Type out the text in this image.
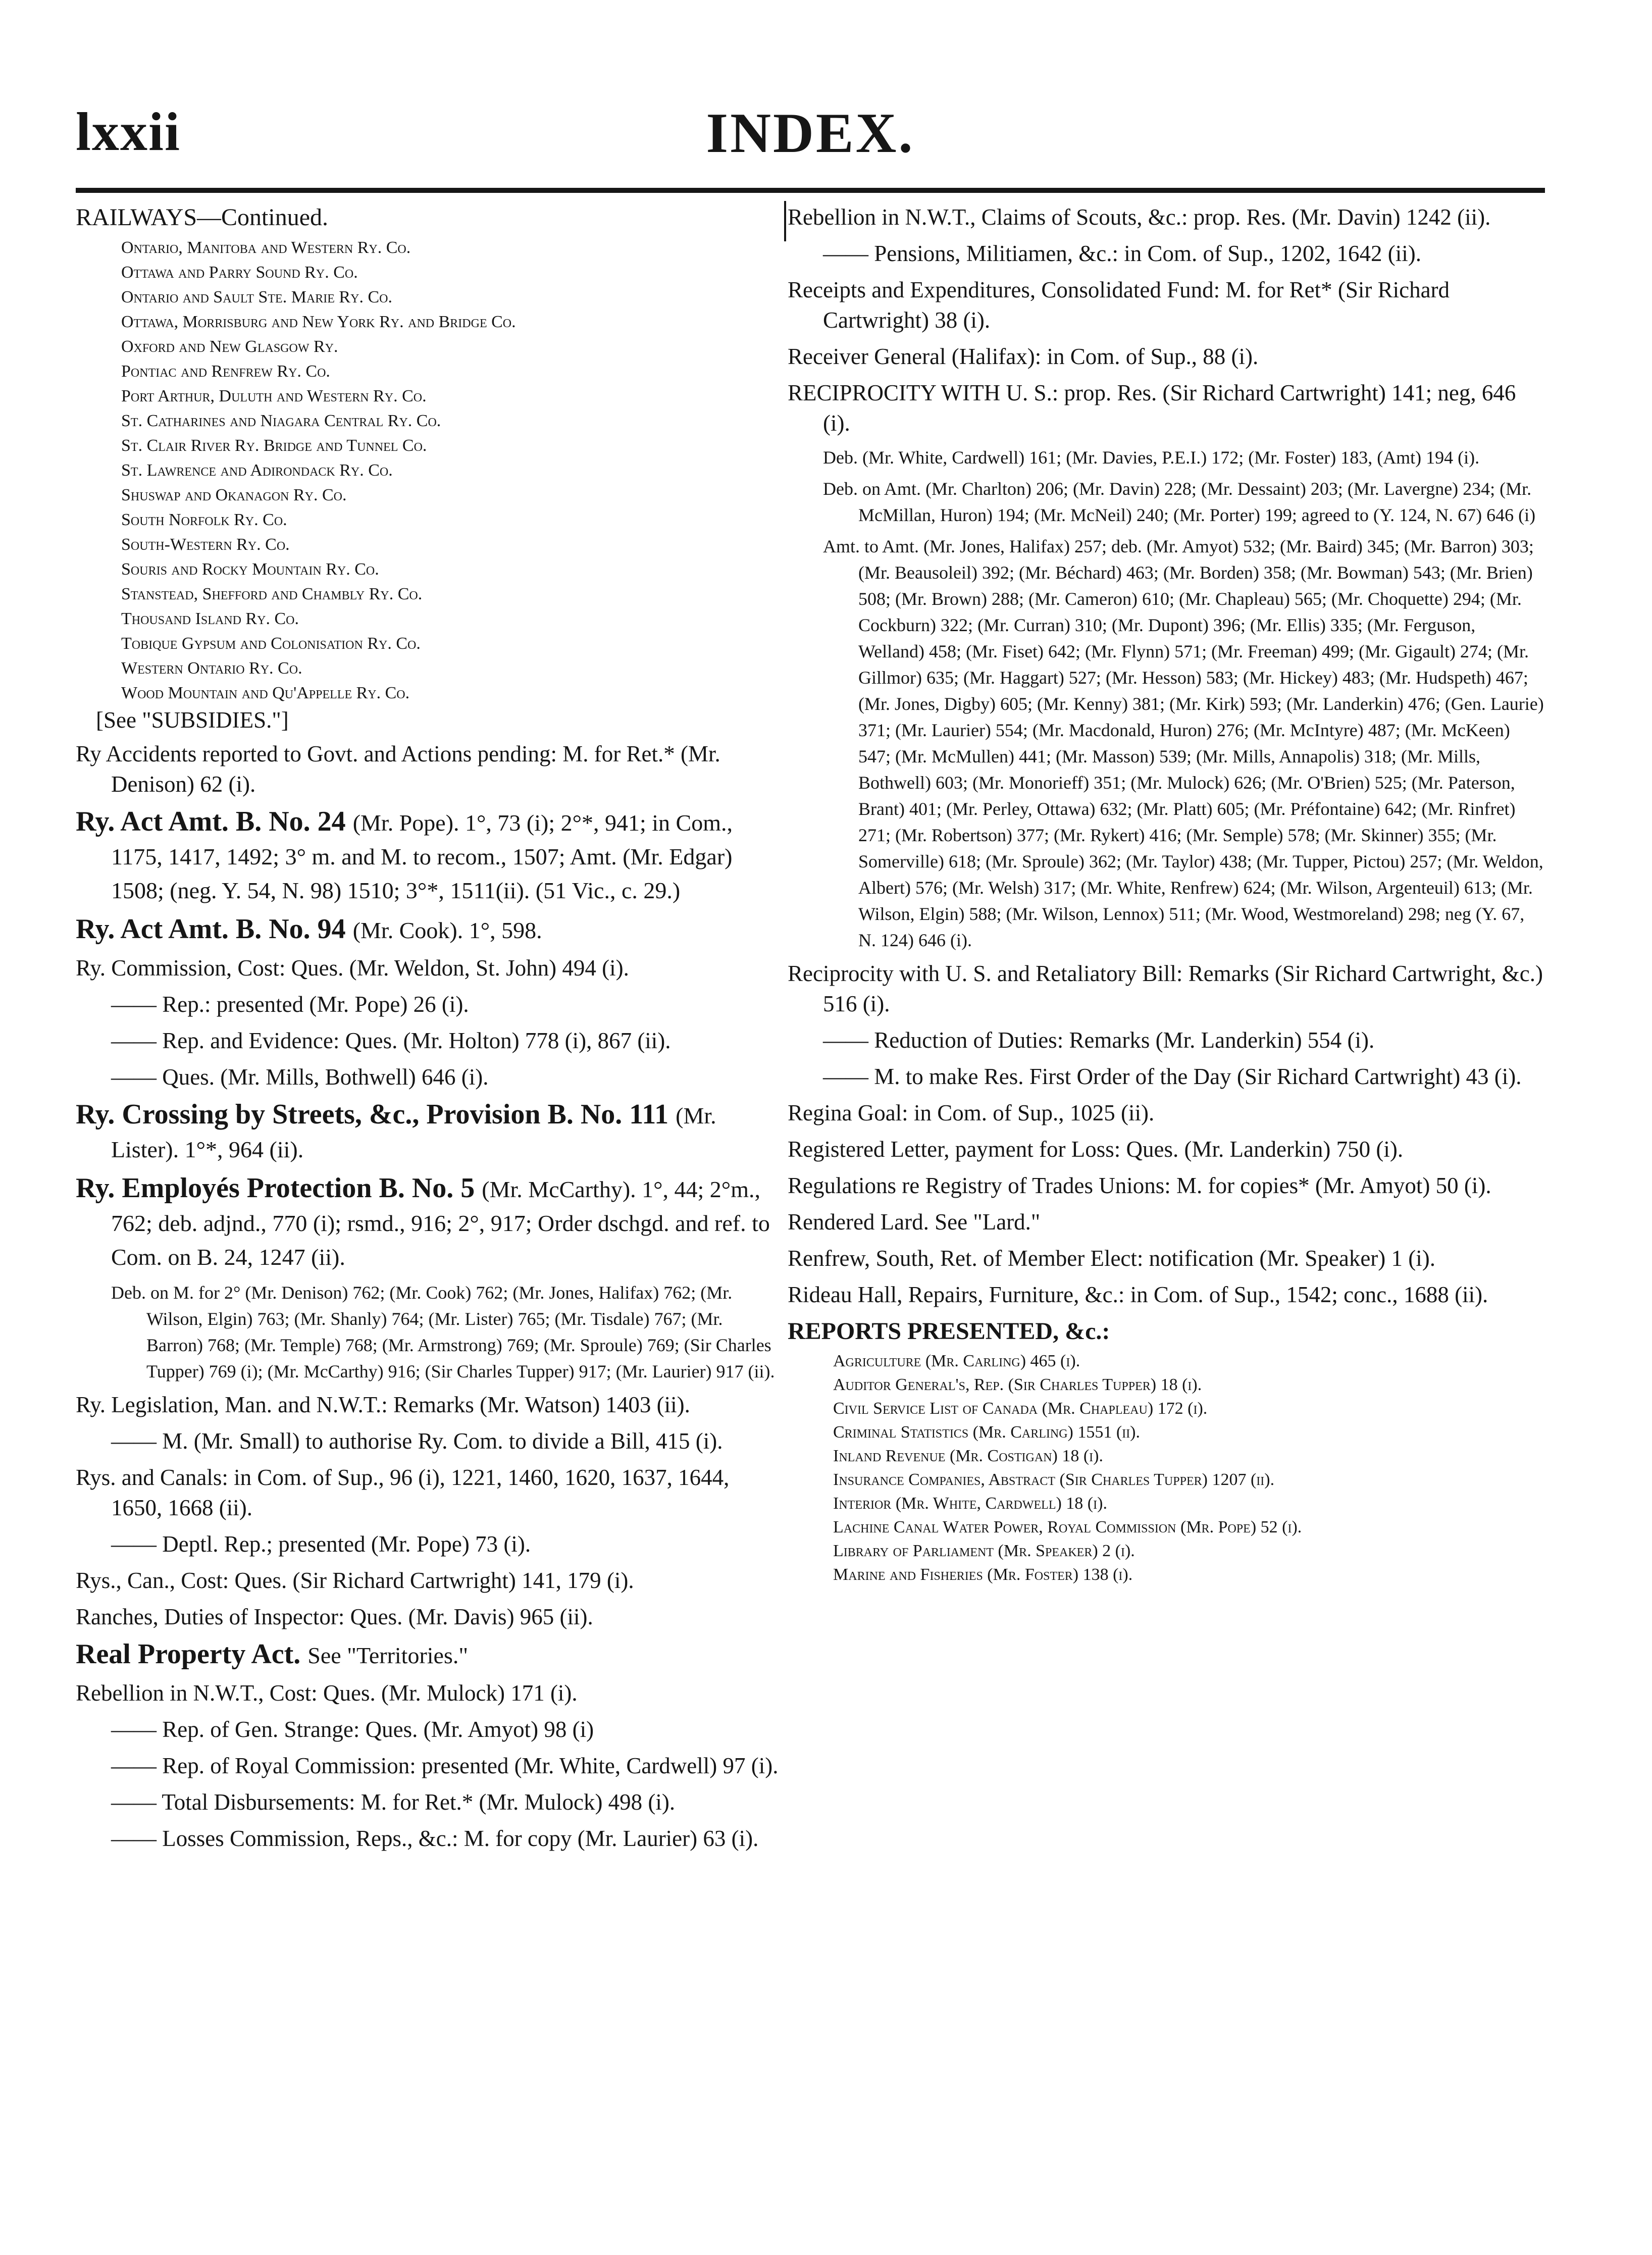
lxxii	INDEX.
RAILWAYS—Continued.
Ontario, Manitoba and Western Ry. Co.
Ottawa and Parry Sound Ry. Co.
Ontario and Sault Ste. Marie Ry. Co.
Ottawa, Morrisburg and New York Ry. and Bridge Co.
Oxford and New Glasgow Ry.
Pontiac and Renfrew Ry. Co.
Port Arthur, Duluth and Western Ry. Co.
St. Catharines and Niagara Central Ry. Co.
St. Clair River Ry. Bridge and Tunnel Co.
St. Lawrence and Adirondack Ry. Co.
Shuswap and Okanagon Ry. Co.
South Norfolk Ry. Co.
South-Western Ry. Co.
Souris and Rocky Mountain Ry. Co.
Stanstead, Shefford and Chambly Ry. Co.
Thousand Island Ry. Co.
Tobique Gypsum and Colonisation Ry. Co.
Western Ontario Ry. Co.
Wood Mountain and Qu'Appelle Ry. Co.
[See "SUBSIDIES."]
Ry Accidents reported to Govt. and Actions pending: M. for Ret.* (Mr. Denison) 62 (i).
Ry. Act Amt. B. No. 24 (Mr. Pope). 1°, 73 (i); 2°*, 941; in Com., 1175, 1417, 1492; 3° m. and M. to recom., 1507; Amt. (Mr. Edgar) 1508; (neg. Y. 54, N. 98) 1510; 3°*, 1511(ii). (51 Vic., c. 29.)
Ry. Act Amt. B. No. 94 (Mr. Cook). 1°, 598.
Ry. Commission, Cost: Ques. (Mr. Weldon, St. John) 494 (i).
—— Rep.: presented (Mr. Pope) 26 (i).
—— Rep. and Evidence: Ques. (Mr. Holton) 778 (i), 867 (ii).
—— Ques. (Mr. Mills, Bothwell) 646 (i).
Ry. Crossing by Streets, &c., Provision B. No. 111 (Mr. Lister). 1°*, 964 (ii).
Ry. Employés Protection B. No. 5 (Mr. McCarthy). 1°, 44; 2°m., 762; deb. adjnd., 770 (i); rsmd., 916; 2°, 917; Order dschgd. and ref. to Com. on B. 24, 1247 (ii).
Deb. on M. for 2° (Mr. Denison) 762; (Mr. Cook) 762; (Mr. Jones, Halifax) 762; (Mr. Wilson, Elgin) 763; (Mr. Shanly) 764; (Mr. Lister) 765; (Mr. Tisdale) 767; (Mr. Barron) 768; (Mr. Temple) 768; (Mr. Armstrong) 769; (Mr. Sproule) 769; (Sir Charles Tupper) 769 (i); (Mr. McCarthy) 916; (Sir Charles Tupper) 917; (Mr. Laurier) 917 (ii).
Ry. Legislation, Man. and N.W.T.: Remarks (Mr. Watson) 1403 (ii).
—— M. (Mr. Small) to authorise Ry. Com. to divide a Bill, 415 (i).
Rys. and Canals: in Com. of Sup., 96 (i), 1221, 1460, 1620, 1637, 1644, 1650, 1668 (ii).
—— Deptl. Rep.; presented (Mr. Pope) 73 (i).
Rys., Can., Cost: Ques. (Sir Richard Cartwright) 141, 179 (i).
Ranches, Duties of Inspector: Ques. (Mr. Davis) 965 (ii).
Real Property Act. See "Territories."
Rebellion in N.W.T., Cost: Ques. (Mr. Mulock) 171 (i).
—— Rep. of Gen. Strange: Ques. (Mr. Amyot) 98 (i)
—— Rep. of Royal Commission: presented (Mr. White, Cardwell) 97 (i).
—— Total Disbursements: M. for Ret.* (Mr. Mulock) 498 (i).
—— Losses Commission, Reps., &c.: M. for copy (Mr. Laurier) 63 (i).
Rebellion in N.W.T., Claims of Scouts, &c.: prop. Res. (Mr. Davin) 1242 (ii).
—— Pensions, Militiamen, &c.: in Com. of Sup., 1202, 1642 (ii).
Receipts and Expenditures, Consolidated Fund: M. for Ret* (Sir Richard Cartwright) 38 (i).
Receiver General (Halifax): in Com. of Sup., 88 (i).
RECIPROCITY WITH U. S.: prop. Res. (Sir Richard Cartwright) 141; neg, 646 (i).
Deb. (Mr. White, Cardwell) 161; (Mr. Davies, P.E.I.) 172; (Mr. Foster) 183, (Amt) 194 (i).
Deb. on Amt. (Mr. Charlton) 206; (Mr. Davin) 228; (Mr. Dessaint) 203; (Mr. Lavergne) 234; (Mr. McMillan, Huron) 194; (Mr. McNeil) 240; (Mr. Porter) 199; agreed to (Y. 124, N. 67) 646 (i)
Amt. to Amt. (Mr. Jones, Halifax) 257; deb. (Mr. Amyot) 532; (Mr. Baird) 345; (Mr. Barron) 303; (Mr. Beausoleil) 392; (Mr. Béchard) 463; (Mr. Borden) 358; (Mr. Bowman) 543; (Mr. Brien) 508; (Mr. Brown) 288; (Mr. Cameron) 610; (Mr. Chapleau) 565; (Mr. Choquette) 294; (Mr. Cockburn) 322; (Mr. Curran) 310; (Mr. Dupont) 396; (Mr. Ellis) 335; (Mr. Ferguson, Welland) 458; (Mr. Fiset) 642; (Mr. Flynn) 571; (Mr. Freeman) 499; (Mr. Gigault) 274; (Mr. Gillmor) 635; (Mr. Haggart) 527; (Mr. Hesson) 583; (Mr. Hickey) 483; (Mr. Hudspeth) 467; (Mr. Jones, Digby) 605; (Mr. Kenny) 381; (Mr. Kirk) 593; (Mr. Landerkin) 476; (Gen. Laurie) 371; (Mr. Laurier) 554; (Mr. Macdonald, Huron) 276; (Mr. McIntyre) 487; (Mr. McKeen) 547; (Mr. McMullen) 441; (Mr. Masson) 539; (Mr. Mills, Annapolis) 318; (Mr. Mills, Bothwell) 603; (Mr. Monorieff) 351; (Mr. Mulock) 626; (Mr. O'Brien) 525; (Mr. Paterson, Brant) 401; (Mr. Perley, Ottawa) 632; (Mr. Platt) 605; (Mr. Préfontaine) 642; (Mr. Rinfret) 271; (Mr. Robertson) 377; (Mr. Rykert) 416; (Mr. Semple) 578; (Mr. Skinner) 355; (Mr. Somerville) 618; (Mr. Sproule) 362; (Mr. Taylor) 438; (Mr. Tupper, Pictou) 257; (Mr. Weldon, Albert) 576; (Mr. Welsh) 317; (Mr. White, Renfrew) 624; (Mr. Wilson, Argenteuil) 613; (Mr. Wilson, Elgin) 588; (Mr. Wilson, Lennox) 511; (Mr. Wood, Westmoreland) 298; neg (Y. 67, N. 124) 646 (i).
Reciprocity with U. S. and Retaliatory Bill: Remarks (Sir Richard Cartwright, &c.) 516 (i).
—— Reduction of Duties: Remarks (Mr. Landerkin) 554 (i).
—— M. to make Res. First Order of the Day (Sir Richard Cartwright) 43 (i).
Regina Goal: in Com. of Sup., 1025 (ii).
Registered Letter, payment for Loss: Ques. (Mr. Landerkin) 750 (i).
Regulations re Registry of Trades Unions: M. for copies* (Mr. Amyot) 50 (i).
Rendered Lard. See "Lard."
Renfrew, South, Ret. of Member Elect: notification (Mr. Speaker) 1 (i).
Rideau Hall, Repairs, Furniture, &c.: in Com. of Sup., 1542; conc., 1688 (ii).
REPORTS PRESENTED, &c.:
Agriculture (Mr. Carling) 465 (i).
Auditor General's, Rep. (Sir Charles Tupper) 18 (i).
Civil Service List of Canada (Mr. Chapleau) 172 (i).
Criminal Statistics (Mr. Carling) 1551 (ii).
Inland Revenue (Mr. Costigan) 18 (i).
Insurance Companies, Abstract (Sir Charles Tupper) 1207 (ii).
Interior (Mr. White, Cardwell) 18 (i).
Lachine Canal Water Power, Royal Commission (Mr. Pope) 52 (i).
Library of Parliament (Mr. Speaker) 2 (i).
Marine and Fisheries (Mr. Foster) 138 (i).
